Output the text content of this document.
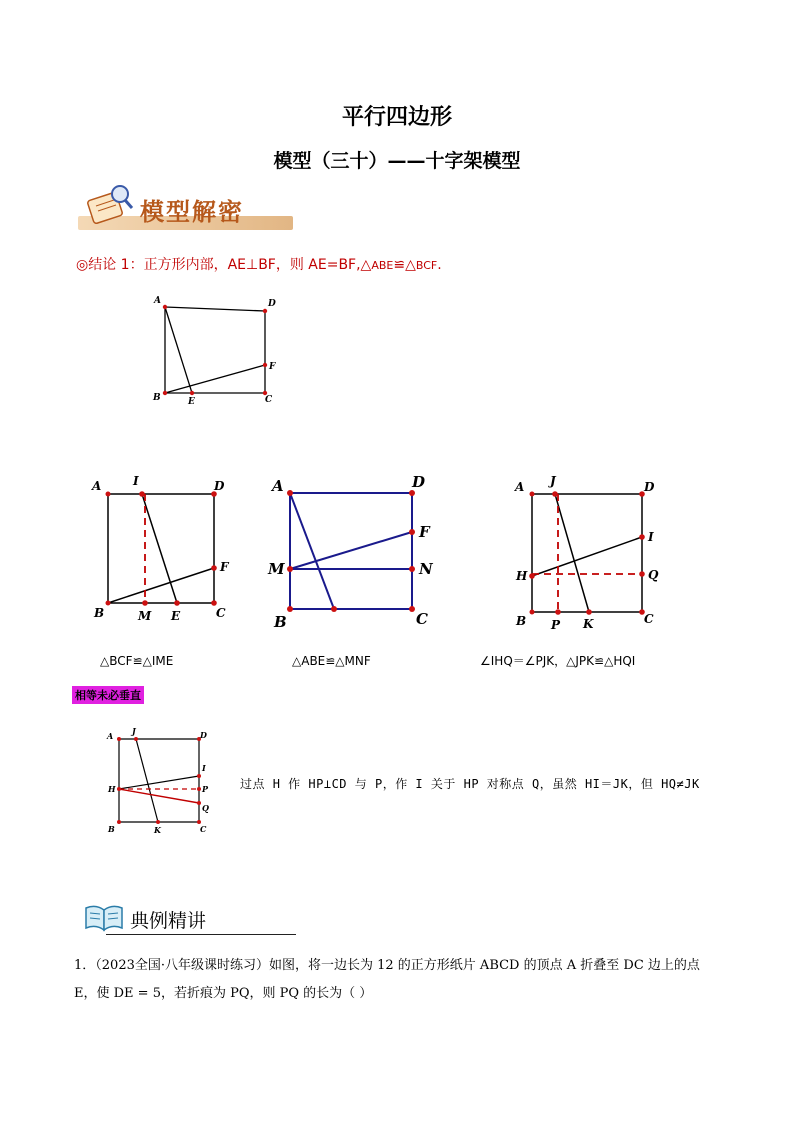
平行四边形
模型（三十）——十字架模型
模型解密
◎结论 1：正方形内部，AE⊥BF，则 AE=BF,△ABE≌△BCF.
A	D
F
B	E	C
A	I	D
F
B	M E	C
△BCF≌△IME
A	D
F
M	N
B	C
△ABE≌△MNF
A J	D
I
H	Q
B P K	C
∠IHQ＝∠PJK，△JPK≌△HQI
相等未必垂直
A J	D
I
H	P
Q
B	K	C
过点 H 作 HP⊥CD 与 P，作 I 关于 HP 对称点 Q，虽然 HI＝JK，但 HQ≠JK
典例精讲

1．（2023全国·八年级课时练习）如图，将一边长为 12 的正方形纸片 ABCD 的顶点 A 折叠至 DC 边上的点

E，使 DE = 5，若折痕为 PQ，则 PQ 的长为（ ）
